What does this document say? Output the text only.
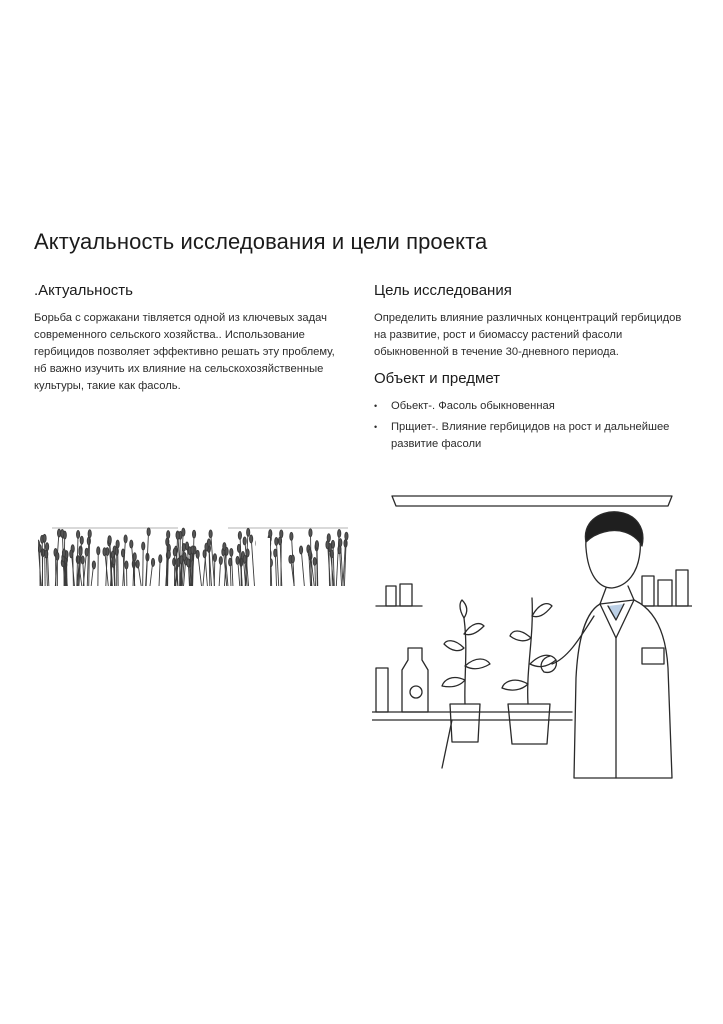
Актуальность исследования и цели проекта
.Актуальность
Борьба с соржакани тівляется одной из ключевых задач современного сельского хозяйства.. Использование гербицидов позволяет эффективно решать эту проблему, нб важно изучить их влияние на сельскохозяйственные культуры, такие как фасоль.
Цель исследования
Определить влияние различных концентраций гербицидов на развитие, рост и биомассу растений фасоли обыкновенной в течение 30-дневного периода.
Объект и предмет
• Обьект-. Фасоль обыкновенная
• Прщиет-. Влияние гербицидов на рост и дальнейшее развитие фасоли
